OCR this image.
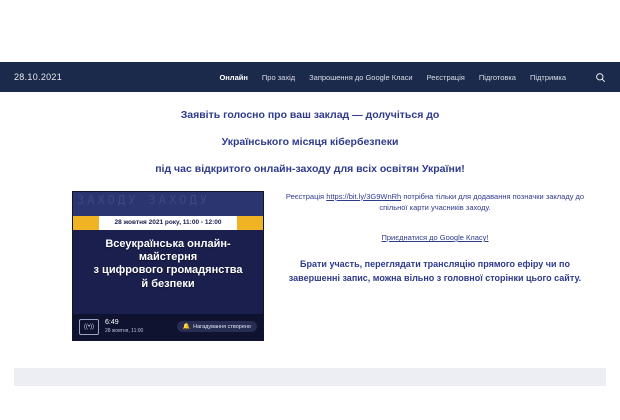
28.10.2021	Онлайн Про захід Запрошення до Google Класи Реєстрація Підготовка Підтримка

Заявіть голосно про ваш заклад — долучіться до

Українського місяця кібербезпеки

під час відкритого онлайн-заходу для всіх освітян України!

ЗАХОДУ ЗАХОДУ
28 жовтня 2021 року, 11:00 - 12:00
Всеукраїнська онлайн-
майстерня
з цифрового громадянства
й безпеки
((•))
6:49
28 жовтня, 11:00
🔔 Нагадування створено

Реєстрація https://bit.ly/3G9WnRh потрібна тільки для додавання позначки закладу до спільної карти учасників заходу.

Приєднатися до Google Класу!

Брати участь, переглядати трансляцію прямого ефіру чи по завершенні запис, можна вільно з головної сторінки цього сайту.
